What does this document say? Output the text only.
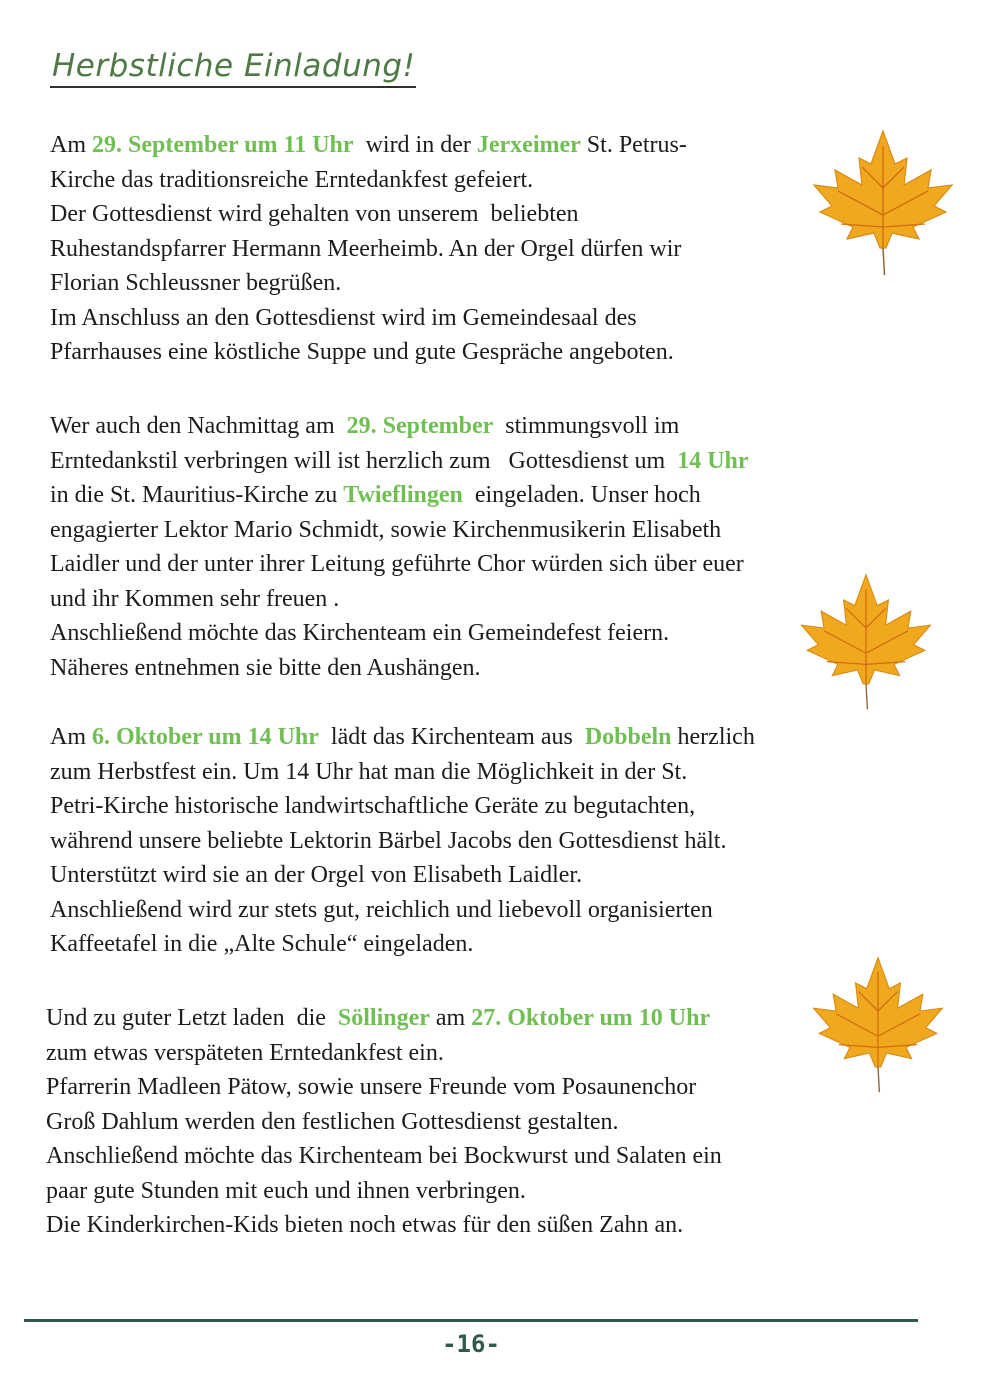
Herbstliche Einladung!
Am 29. September um 11 Uhr  wird in der Jerxeimer St. Petrus-
Kirche das traditionsreiche Erntedankfest gefeiert.
Der Gottesdienst wird gehalten von unserem  beliebten
Ruhestandspfarrer Hermann Meerheimb. An der Orgel dürfen wir
Florian Schleussner begrüßen.
Im Anschluss an den Gottesdienst wird im Gemeindesaal des
Pfarrhauses eine köstliche Suppe und gute Gespräche angeboten.
Wer auch den Nachmittag am  29. September  stimmungsvoll im
Erntedankstil verbringen will ist herzlich zum   Gottesdienst um  14 Uhr
in die St. Mauritius-Kirche zu Twieflingen  eingeladen. Unser hoch
engagierter Lektor Mario Schmidt, sowie Kirchenmusikerin Elisabeth
Laidler und der unter ihrer Leitung geführte Chor würden sich über euer
und ihr Kommen sehr freuen .
Anschließend möchte das Kirchenteam ein Gemeindefest feiern.
Näheres entnehmen sie bitte den Aushängen.
Am 6. Oktober um 14 Uhr  lädt das Kirchenteam aus  Dobbeln herzlich
zum Herbstfest ein. Um 14 Uhr hat man die Möglichkeit in der St.
Petri-Kirche historische landwirtschaftliche Geräte zu begutachten,
während unsere beliebte Lektorin Bärbel Jacobs den Gottesdienst hält.
Unterstützt wird sie an der Orgel von Elisabeth Laidler.
Anschließend wird zur stets gut, reichlich und liebevoll organisierten
Kaffeetafel in die „Alte Schule“ eingeladen.
Und zu guter Letzt laden  die  Söllinger am 27. Oktober um 10 Uhr
zum etwas verspäteten Erntedankfest ein.
Pfarrerin Madleen Pätow, sowie unsere Freunde vom Posaunenchor
Groß Dahlum werden den festlichen Gottesdienst gestalten.
Anschließend möchte das Kirchenteam bei Bockwurst und Salaten ein
paar gute Stunden mit euch und ihnen verbringen.
Die Kinderkirchen-Kids bieten noch etwas für den süßen Zahn an.
-16-
